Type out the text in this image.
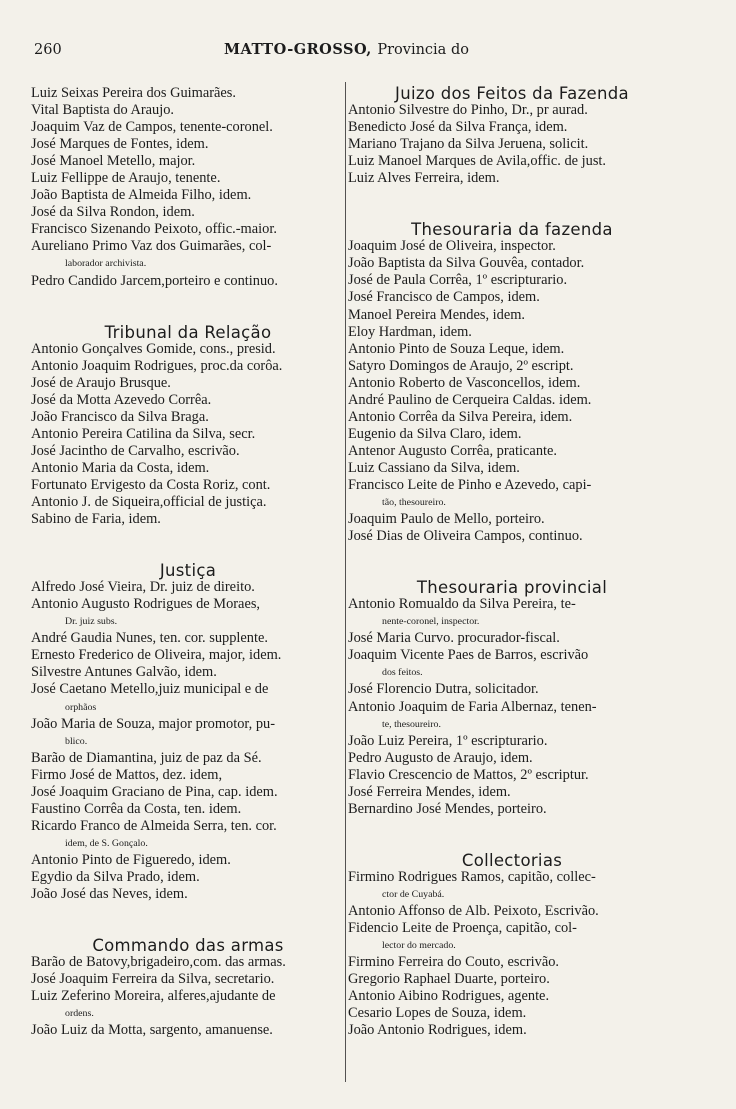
260	MATTO-GROSSO, Provincia do
Luiz Seixas Pereira dos Guimarães.
Vital Baptista do Araujo.
Joaquim Vaz de Campos, tenente-coronel.
José Marques de Fontes, idem.
José Manoel Metello, major.
Luiz Fellippe de Araujo, tenente.
João Baptista de Almeida Filho, idem.
José da Silva Rondon, idem.
Francisco Sizenando Peixoto, offic.-maior.
Aureliano Primo Vaz dos Guimarães, col-
laborador archivista.
Pedro Candido Jarcem,porteiro e continuo.
Tribunal da Relação
Antonio Gonçalves Gomide, cons., presid.
Antonio Joaquim Rodrigues, proc.da corôa.
José de Araujo Brusque.
José da Motta Azevedo Corrêa.
João Francisco da Silva Braga.
Antonio Pereira Catilina da Silva, secr.
José Jacintho de Carvalho, escrivão.
Antonio Maria da Costa, idem.
Fortunato Ervigesto da Costa Roriz, cont.
Antonio J. de Siqueira,official de justiça.
Sabino de Faria, idem.
Justiça
Alfredo José Vieira, Dr. juiz de direito.
Antonio Augusto Rodrigues de Moraes,
Dr. juiz subs.
André Gaudia Nunes, ten. cor. supplente.
Ernesto Frederico de Oliveira, major, idem.
Silvestre Antunes Galvão, idem.
José Caetano Metello,juiz municipal e de
orphãos
João Maria de Souza, major promotor, pu-
blico.
Barão de Diamantina, juiz de paz da Sé.
Firmo José de Mattos, dez. idem,
José Joaquim Graciano de Pina, cap. idem.
Faustino Corrêa da Costa, ten. idem.
Ricardo Franco de Almeida Serra, ten. cor.
idem, de S. Gonçalo.
Antonio Pinto de Figueredo, idem.
Egydio da Silva Prado, idem.
João José das Neves, idem.
Commando das armas
Barão de Batovy,brigadeiro,com. das armas.
José Joaquim Ferreira da Silva, secretario.
Luiz Zeferino Moreira, alferes,ajudante de
ordens.
João Luiz da Motta, sargento, amanuense.
Juizo dos Feitos da Fazenda
Antonio Silvestre do Pinho, Dr., pr aurad.
Benedicto José da Silva França, idem.
Mariano Trajano da Silva Jeruena, solicit.
Luiz Manoel Marques de Avila,offic. de just.
Luiz Alves Ferreira, idem.
Thesouraria da fazenda
Joaquim José de Oliveira, inspector.
João Baptista da Silva Gouvêa, contador.
José de Paula Corrêa, 1º escripturario.
José Francisco de Campos, idem.
Manoel Pereira Mendes, idem.
Eloy Hardman, idem.
Antonio Pinto de Souza Leque, idem.
Satyro Domingos de Araujo, 2º escript.
Antonio Roberto de Vasconcellos, idem.
André Paulino de Cerqueira Caldas. idem.
Antonio Corrêa da Silva Pereira, idem.
Eugenio da Silva Claro, idem.
Antenor Augusto Corrêa, praticante.
Luiz Cassiano da Silva, idem.
Francisco Leite de Pinho e Azevedo, capi-
tão, thesoureiro.
Joaquim Paulo de Mello, porteiro.
José Dias de Oliveira Campos, continuo.
Thesouraria provincial
Antonio Romualdo da Silva Pereira, te-
nente-coronel, inspector.
José Maria Curvo. procurador-fiscal.
Joaquim Vicente Paes de Barros, escrivão
dos feitos.
José Florencio Dutra, solicitador.
Antonio Joaquim de Faria Albernaz, tenen-
te, thesoureiro.
João Luiz Pereira, 1º escripturario.
Pedro Augusto de Araujo, idem.
Flavio Crescencio de Mattos, 2º escriptur.
José Ferreira Mendes, idem.
Bernardino José Mendes, porteiro.
Collectorias
Firmino Rodrigues Ramos, capitão, collec-
ctor de Cuyabá.
Antonio Affonso de Alb. Peixoto, Escrivão.
Fidencio Leite de Proença, capitão, col-
lector do mercado.
Firmino Ferreira do Couto, escrivão.
Gregorio Raphael Duarte, porteiro.
Antonio Aibino Rodrigues, agente.
Cesario Lopes de Souza, idem.
João Antonio Rodrigues, idem.
